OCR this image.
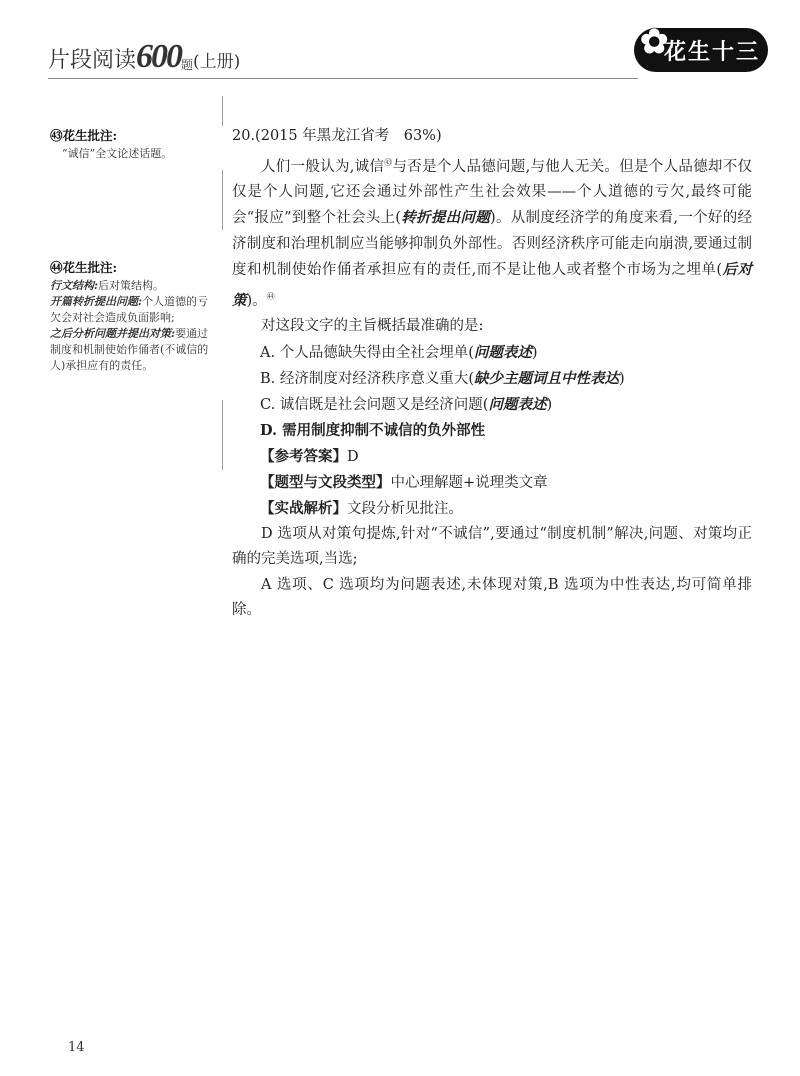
片段阅读600题(上册)	✿
花生十三
㊸花生批注:
“诚信”全文论述话题。
㊹花生批注:
行文结构:后对策结构。
开篇转折提出问题:个人道德的亏欠会对社会造成负面影响;
之后分析问题并提出对策:要通过制度和机制使始作俑者(不诚信的人)承担应有的责任。

20.(2015 年黑龙江省考　63%)

人们一般认为,诚信$^㊸$与否是个人品德问题,与他人无关。但是个人品德却不仅仅是个人问题,它还会通过外部性产生社会效果——个人道德的亏欠,最终可能会“报应”到整个社会头上(转折提出问题)。从制度经济学的角度来看,一个好的经济制度和治理机制应当能够抑制负外部性。否则经济秩序可能走向崩溃,要通过制度和机制使始作俑者承担应有的责任,而不是让他人或者整个市场为之埋单(后对策)。$^㊹$

对这段文字的主旨概括最准确的是:

A. 个人品德缺失得由全社会埋单(问题表述)

B. 经济制度对经济秩序意义重大(缺少主题词且中性表达)

C. 诚信既是社会问题又是经济问题(问题表述)

D. 需用制度抑制不诚信的负外部性

【参考答案】D

【题型与文段类型】中心理解题+说理类文章

【实战解析】文段分析见批注。

D 选项从对策句提炼,针对“不诚信”,要通过“制度机制”解决,问题、对策均正确的完美选项,当选;

A 选项、C 选项均为问题表述,未体现对策,B 选项为中性表达,均可简单排除。

14
